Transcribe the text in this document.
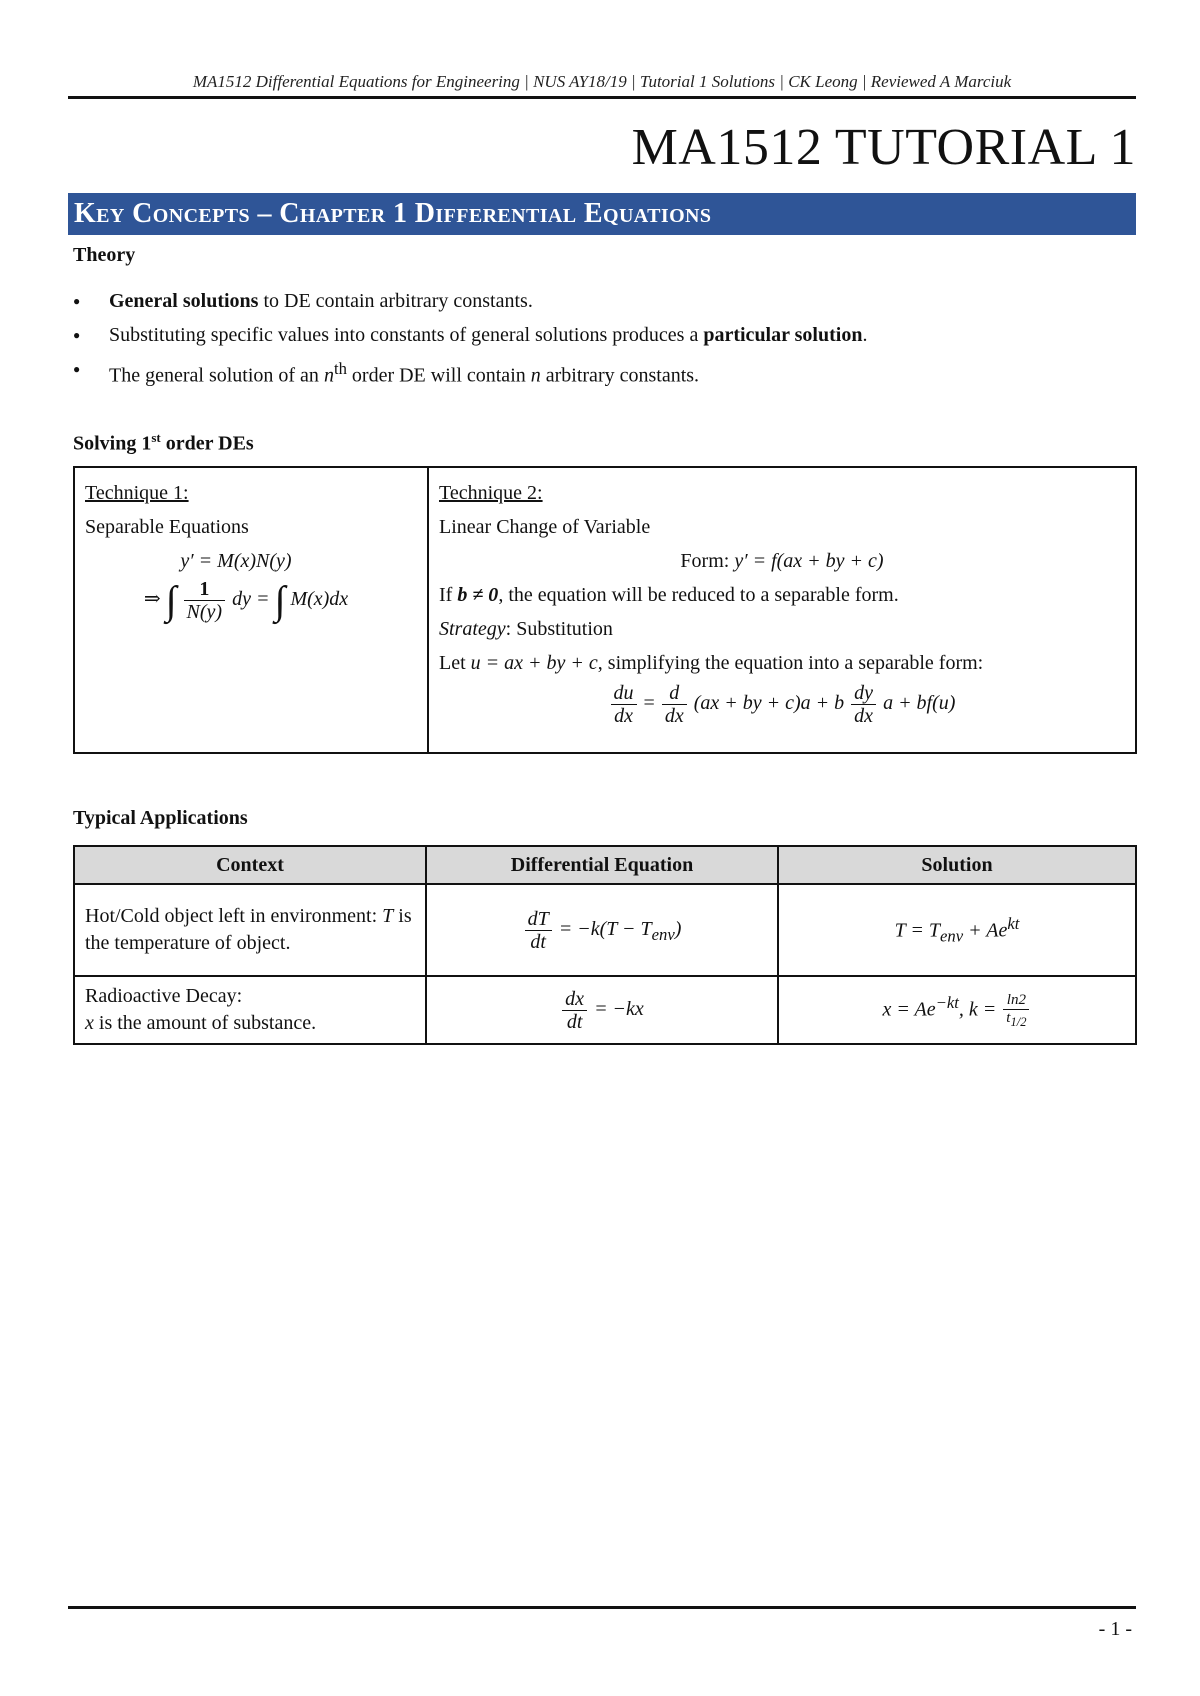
MA1512 Differential Equations for Engineering | NUS AY18/19 | Tutorial 1 Solutions | CK Leong | Reviewed A Marciuk
MA1512 TUTORIAL 1
Key Concepts – Chapter 1 Differential Equations
Theory
● General solutions to DE contain arbitrary constants.
● Substituting specific values into constants of general solutions produces a particular solution.
● The general solution of an $n^{th}$ order DE will contain n arbitrary constants.
Solving 1st order DEs
Technique 1:
Separable Equations
y′ = M(x)N(y)
⇒ ∫ $\frac{1}{N(y)}$ dy = ∫ M(x)dx

Technique 2:
Linear Change of Variable
Form: y′ = f(ax + by + c)
If b ≠ 0, the equation will be reduced to a separable form.
Strategy: Substitution
Let u = ax + by + c, simplifying the equation into a separable form:
$\frac{du}{dx} = \frac{d}{dx} (ax$ + by + c)a + b $\frac{dy}{dx}$ a + bf(u)
Typical Applications
Context	Differential Equation	Solution
Hot/Cold object left in environment: T is the temperature of object.	$\frac{dT}{dt} = -k(T - T_{env})$	$T = T_{env} + Ae^{kt}$

Radioactive Decay:
x is the amount of substance.	$\frac{dx}{dt} = -kx$	$x = Ae^{-kt}$, $k = \frac{\ln 2}{t_{1/2}}$
- 1 -
